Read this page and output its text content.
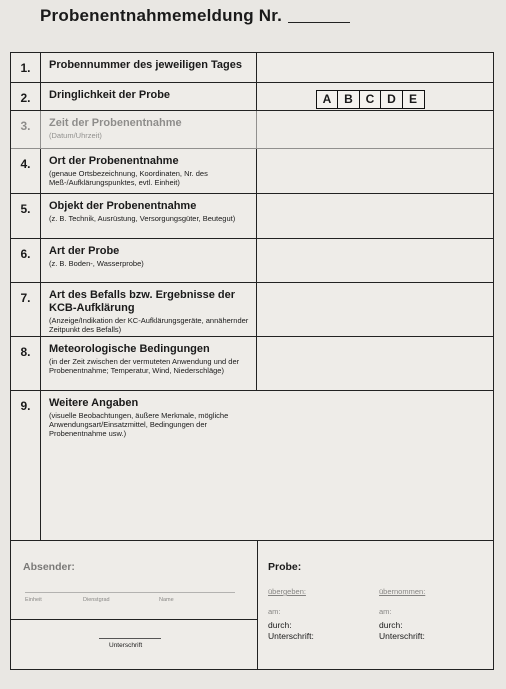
Probenentnahmemeldung Nr.
1.	Probennummer des jeweiligen Tages
2.	Dringlichkeit der Probe	A	B	C	D	E
3.	Zeit der Probenentnahme
(Datum/Uhrzeit)
4.	Ort der Probenentnahme
(genaue Ortsbezeichnung, Koordinaten, Nr. des Meß-/Aufklärungspunktes, evtl. Einheit)
5.	Objekt der Probenentnahme
(z. B. Technik, Ausrüstung, Versorgungsgüter, Beutegut)
6.	Art der Probe
(z. B. Boden-, Wasserprobe)
7.	Art des Befalls bzw. Ergebnisse der KCB-Aufklärung
(Anzeige/Indikation der KC-Aufklärungsgeräte, annähernder Zeitpunkt des Befalls)
8.	Meteorologische Bedingungen
(in der Zeit zwischen der vermuteten Anwendung und der Probenentnahme; Temperatur, Wind, Niederschläge)
9.	Weitere Angaben
(visuelle Beobachtungen, äußere Merkmale, mögliche Anwendungsart/Einsatzmittel, Bedingungen der Probenentnahme usw.)
Absender:
Einheit	Dienstgrad	Name
Unterschrift
Probe:
übergeben:	übernommen:
am:	am:
durch:	durch:
Unterschrift:	Unterschrift:
